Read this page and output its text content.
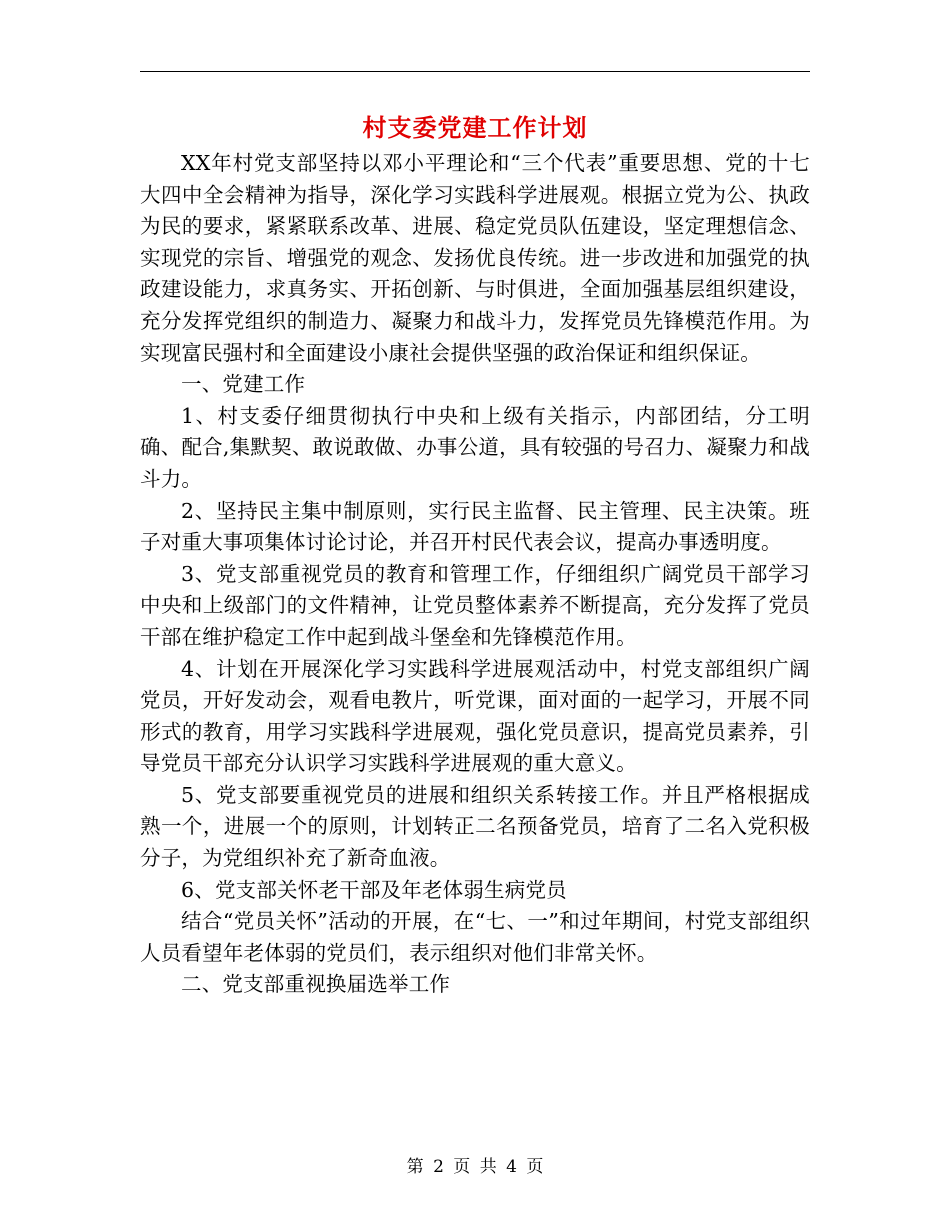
村支委党建工作计划

XX年村党支部坚持以邓小平理论和“三个代表”重要思想、党的十七大四中全会精神为指导，深化学习实践科学进展观。根据立党为公、执政为民的要求，紧紧联系改革、进展、稳定党员队伍建设，坚定理想信念、实现党的宗旨、增强党的观念、发扬优良传统。进一步改进和加强党的执政建设能力，求真务实、开拓创新、与时俱进，全面加强基层组织建设，充分发挥党组织的制造力、凝聚力和战斗力，发挥党员先锋模范作用。为实现富民强村和全面建设小康社会提供坚强的政治保证和组织保证。

一、党建工作

1、村支委仔细贯彻执行中央和上级有关指示，内部团结，分工明确、配合,集默契、敢说敢做、办事公道，具有较强的号召力、凝聚力和战斗力。

2、坚持民主集中制原则，实行民主监督、民主管理、民主决策。班子对重大事项集体讨论讨论，并召开村民代表会议，提高办事透明度。

3、党支部重视党员的教育和管理工作，仔细组织广阔党员干部学习中央和上级部门的文件精神，让党员整体素养不断提高，充分发挥了党员干部在维护稳定工作中起到战斗堡垒和先锋模范作用。

4、计划在开展深化学习实践科学进展观活动中，村党支部组织广阔党员，开好发动会，观看电教片，听党课，面对面的一起学习，开展不同形式的教育，用学习实践科学进展观，强化党员意识，提高党员素养，引导党员干部充分认识学习实践科学进展观的重大意义。

5、党支部要重视党员的进展和组织关系转接工作。并且严格根据成熟一个，进展一个的原则，计划转正二名预备党员，培育了二名入党积极分子，为党组织补充了新奇血液。

6、党支部关怀老干部及年老体弱生病党员

结合“党员关怀”活动的开展，在“七、一”和过年期间，村党支部组织人员看望年老体弱的党员们，表示组织对他们非常关怀。

二、党支部重视换届选举工作

第 2 页 共 4 页
